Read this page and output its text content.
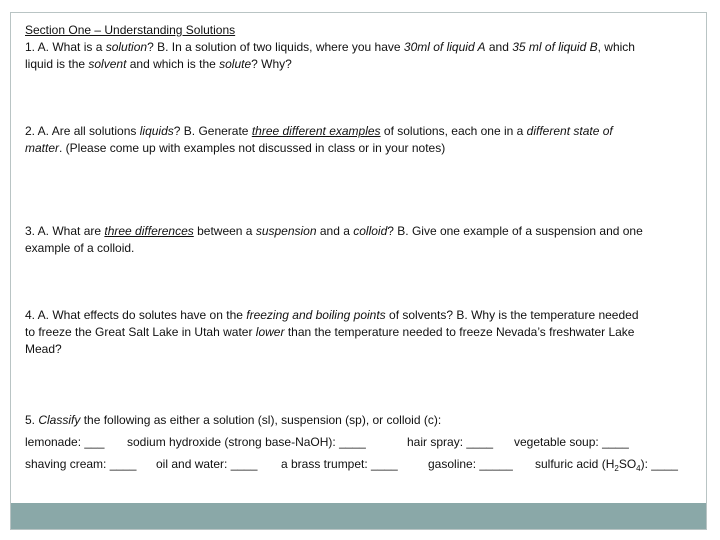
Section One – Understanding Solutions
1. A. What is a solution? B. In a solution of two liquids, where you have 30ml of liquid A and 35 ml of liquid B, which
liquid is the solvent and which is the solute? Why?
2. A. Are all solutions liquids? B. Generate three different examples of solutions, each one in a different state of
matter. (Please come up with examples not discussed in class or in your notes)
3. A. What are three differences between a suspension and a colloid? B. Give one example of a suspension and one
example of a colloid.
4. A. What effects do solutes have on the freezing and boiling points of solvents? B. Why is the temperature needed
to freeze the Great Salt Lake in Utah water lower than the temperature needed to freeze Nevada’s freshwater Lake
Mead?
5. Classify the following as either a solution (sl), suspension (sp), or colloid (c):
lemonade: ___ sodium hydroxide (strong base-NaOH): ____	hair spray: ____ vegetable soup: ____
shaving cream: ____ oil and water: ____ a brass trumpet: ____	gasoline: _____ sulfuric acid $(H_2SO_4)$: ____
